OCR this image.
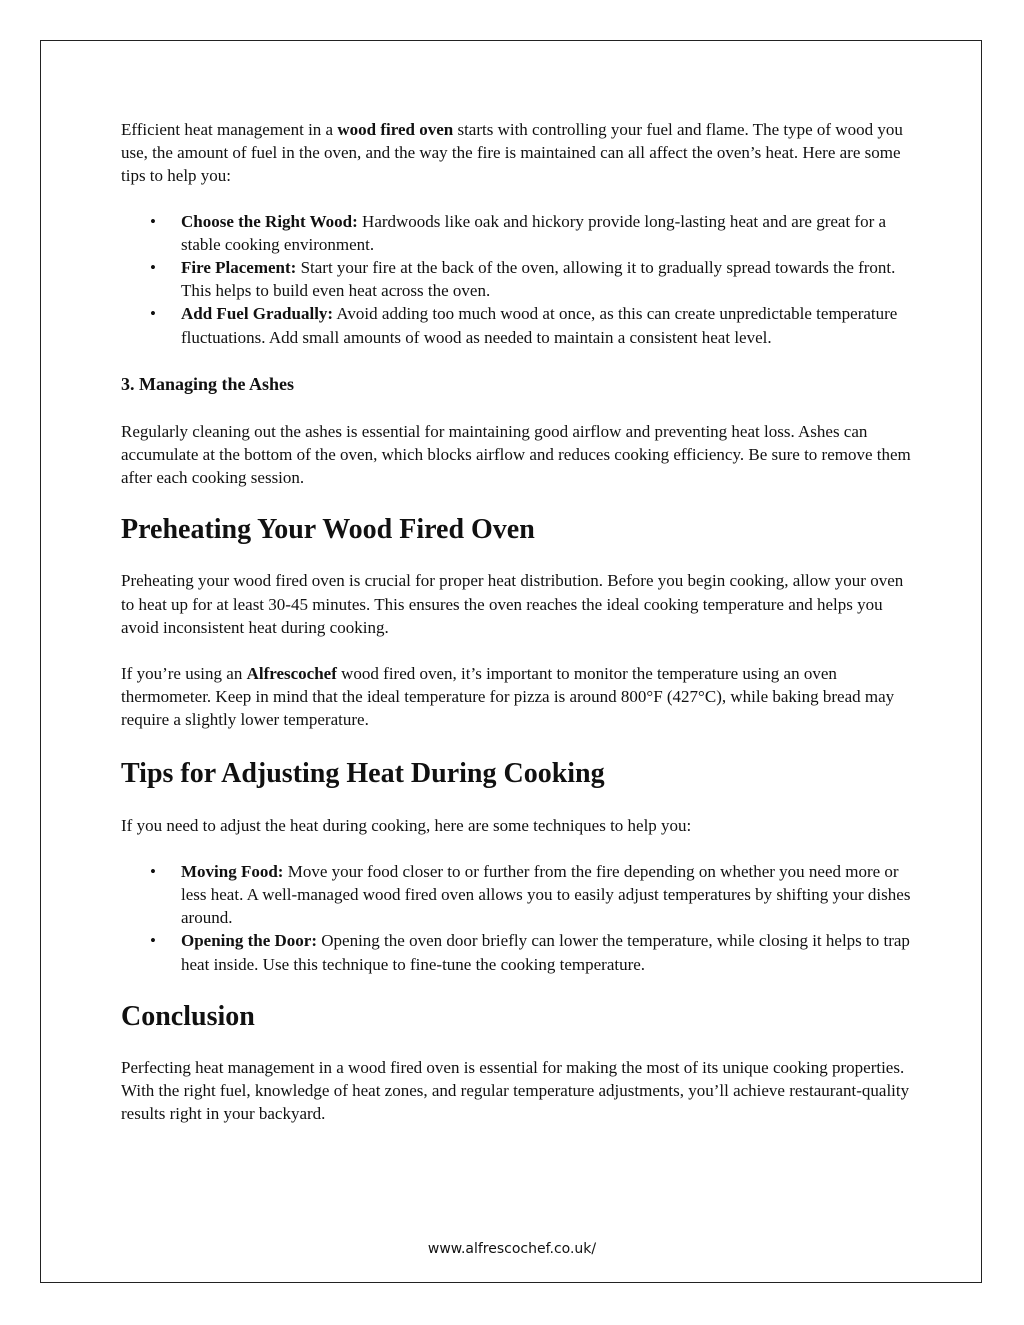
Efficient heat management in a wood fired oven starts with controlling your fuel and flame. The type of wood you use, the amount of fuel in the oven, and the way the fire is maintained can all affect the oven’s heat. Here are some tips to help you:

• Choose the Right Wood: Hardwoods like oak and hickory provide long-lasting heat and are great for a stable cooking environment.
• Fire Placement: Start your fire at the back of the oven, allowing it to gradually spread towards the front. This helps to build even heat across the oven.
• Add Fuel Gradually: Avoid adding too much wood at once, as this can create unpredictable temperature fluctuations. Add small amounts of wood as needed to maintain a consistent heat level.
3. Managing the Ashes

Regularly cleaning out the ashes is essential for maintaining good airflow and preventing heat loss. Ashes can accumulate at the bottom of the oven, which blocks airflow and reduces cooking efficiency. Be sure to remove them after each cooking session.

Preheating Your Wood Fired Oven

Preheating your wood fired oven is crucial for proper heat distribution. Before you begin cooking, allow your oven to heat up for at least 30-45 minutes. This ensures the oven reaches the ideal cooking temperature and helps you avoid inconsistent heat during cooking.

If you’re using an Alfrescochef wood fired oven, it’s important to monitor the temperature using an oven thermometer. Keep in mind that the ideal temperature for pizza is around 800°F (427°C), while baking bread may require a slightly lower temperature.

Tips for Adjusting Heat During Cooking

If you need to adjust the heat during cooking, here are some techniques to help you:

• Moving Food: Move your food closer to or further from the fire depending on whether you need more or less heat. A well-managed wood fired oven allows you to easily adjust temperatures by shifting your dishes around.
• Opening the Door: Opening the oven door briefly can lower the temperature, while closing it helps to trap heat inside. Use this technique to fine-tune the cooking temperature.
Conclusion

Perfecting heat management in a wood fired oven is essential for making the most of its unique cooking properties. With the right fuel, knowledge of heat zones, and regular temperature adjustments, you’ll achieve restaurant-quality results right in your backyard.

www.alfrescochef.co.uk/
